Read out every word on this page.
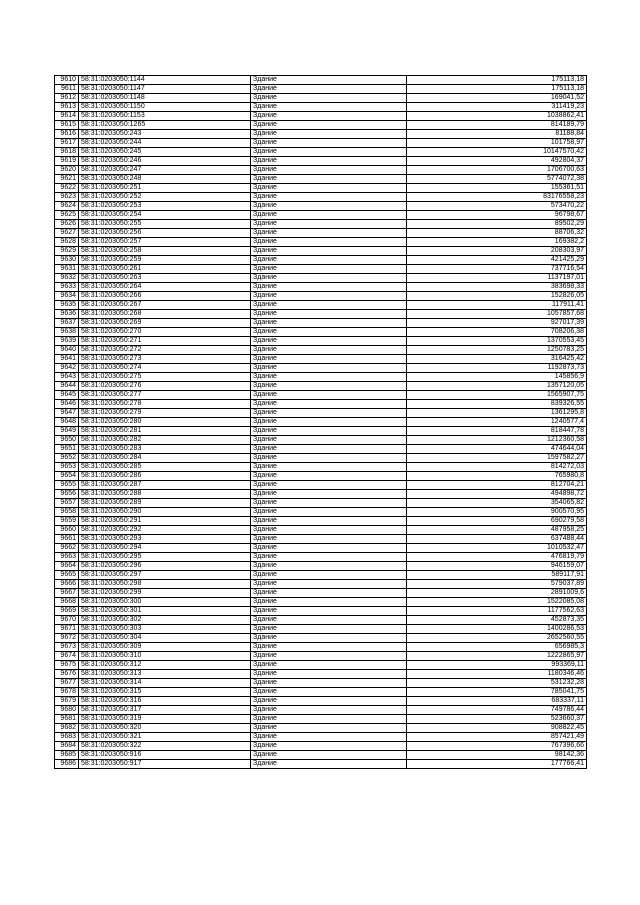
9610	58:31:0203050:1144	Здание	175113,18
9611	58:31:0203050:1147	Здание	175113,18
9612	58:31:0203050:1148	Здание	169041,52
9613	58:31:0203050:1150	Здание	311419,23
9614	58:31:0203050:1153	Здание	1038862,41
9615	58:31:0203050:1265	Здание	814189,79
9616	58:31:0203050:243	Здание	81188,84
9617	58:31:0203050:244	Здание	101758,97
9618	58:31:0203050:245	Здание	10147570,42
9619	58:31:0203050:246	Здание	492804,37
9620	58:31:0203050:247	Здание	1706700,63
9621	58:31:0203050:248	Здание	5774072,38
9622	58:31:0203050:251	Здание	155361,51
9623	58:31:0203050:252	Здание	83176558,23
9624	58:31:0203050:253	Здание	573470,22
9625	58:31:0203050:254	Здание	96798,67
9626	58:31:0203050:255	Здание	89502,29
9627	58:31:0203050:256	Здание	88706,32
9628	58:31:0203050:257	Здание	169382,2
9629	58:31:0203050:258	Здание	208303,97
9630	58:31:0203050:259	Здание	421425,29
9631	58:31:0203050:261	Здание	737716,54
9632	58:31:0203050:263	Здание	1137197,01
9633	58:31:0203050:264	Здание	383698,33
9634	58:31:0203050:266	Здание	152826,05
9635	58:31:0203050:267	Здание	117911,41
9636	58:31:0203050:268	Здание	1057857,68
9637	58:31:0203050:269	Здание	927017,39
9638	58:31:0203050:270	Здание	708206,38
9639	58:31:0203050:271	Здание	1370553,45
9640	58:31:0203050:272	Здание	1250783,25
9641	58:31:0203050:273	Здание	316425,42
9642	58:31:0203050:274	Здание	1192873,73
9643	58:31:0203050:275	Здание	145856,9
9644	58:31:0203050:276	Здание	1357120,05
9645	58:31:0203050:277	Здание	1565907,75
9646	58:31:0203050:278	Здание	839326,55
9647	58:31:0203050:279	Здание	1361295,8
9648	58:31:0203050:280	Здание	1240577,4
9649	58:31:0203050:281	Здание	818447,78
9650	58:31:0203050:282	Здание	1212360,58
9651	58:31:0203050:283	Здание	474644,04
9652	58:31:0203050:284	Здание	1597582,27
9653	58:31:0203050:285	Здание	814272,03
9654	58:31:0203050:286	Здание	765980,8
9655	58:31:0203050:287	Здание	812704,21
9656	58:31:0203050:288	Здание	494898,72
9657	58:31:0203050:289	Здание	354065,82
9658	58:31:0203050:290	Здание	900570,95
9659	58:31:0203050:291	Здание	690279,58
9660	58:31:0203050:292	Здание	487958,25
9661	58:31:0203050:293	Здание	637488,44
9662	58:31:0203050:294	Здание	1010532,47
9663	58:31:0203050:295	Здание	476819,79
9664	58:31:0203050:296	Здание	946159,07
9665	58:31:0203050:297	Здание	589117,91
9666	58:31:0203050:298	Здание	579037,89
9667	58:31:0203050:299	Здание	2891009,6
9668	58:31:0203050:300	Здание	1522085,08
9669	58:31:0203050:301	Здание	1177562,63
9670	58:31:0203050:302	Здание	452873,35
9671	58:31:0203050:303	Здание	1400286,53
9672	58:31:0203050:304	Здание	2652560,55
9673	58:31:0203050:309	Здание	656985,3
9674	58:31:0203050:310	Здание	1222865,97
9675	58:31:0203050:312	Здание	993369,11
9676	58:31:0203050:313	Здание	1180346,46
9677	58:31:0203050:314	Здание	531232,28
9678	58:31:0203050:315	Здание	785041,75
9679	58:31:0203050:316	Здание	683337,11
9680	58:31:0203050:317	Здание	749786,44
9681	58:31:0203050:319	Здание	523660,37
9682	58:31:0203050:320	Здание	908822,45
9683	58:31:0203050:321	Здание	857421,49
9684	58:31:0203050:322	Здание	767396,66
9685	58:31:0203050:916	Здание	98142,36
9686	58:31:0203050:917	Здание	177766,41
